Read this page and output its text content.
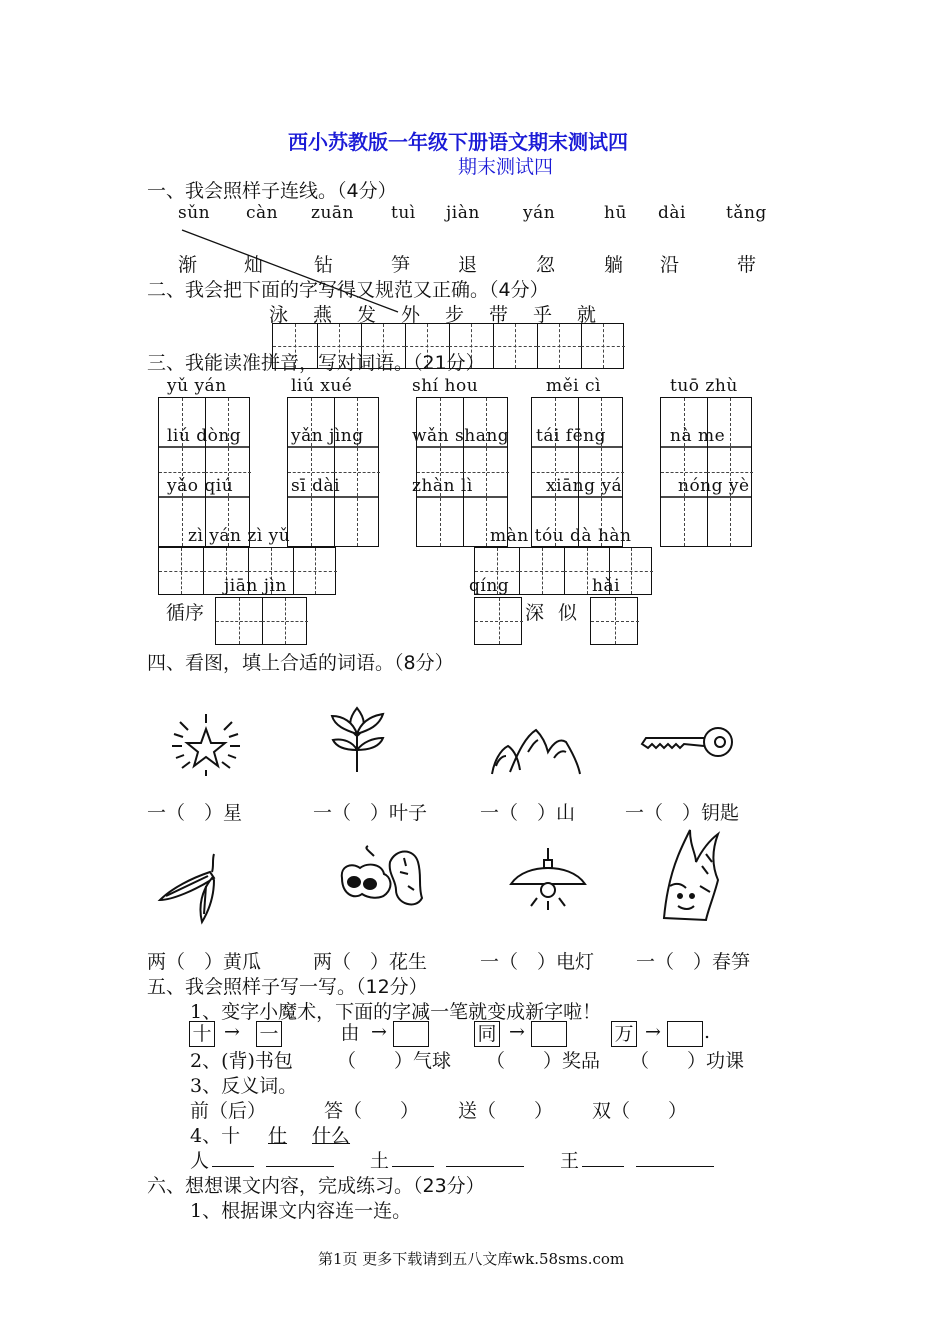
西小苏教版一年级下册语文期末测试四
期末测试四
一、我会照样子连线。（4分）
sǔn càn zuān tuì jiàn	yán	hū dài tǎng
渐 灿	钻	笋	退	忽	躺 沿	带
二、我会把下面的字写得又规范又正确。（4分）
泳 燕 发 外 步 带 乎 就
三、我能读准拼音，写对词语。（21分）
yǔ yán	liú xué	shí hou	měi cì	tuō zhù
liú dòng	yǎn jìng	wǎn shang tái fēng	nà me
yǎo qiú	sī dài	zhàn lì	xiāng yá	nóng yè
zì yán zì yǔ	màn tóu dà hàn
jiān jìn	qíng	hǎi
循序	深 似
四、看图，填上合适的词语。（8分）
一（　）星	一（　）叶子	一（　）山	一（　）钥匙
两（　）黄瓜	两（　）花生	一（　）电灯 一（　）春笋
五、我会照样子写一写。（12分）
1、变字小魔术，下面的字减一笔就变成新字啦！
十 → 一	由 →	同 →	万 → .
2、(背)书包 （　　）气球 （　　）奖品 （　　）功课
3、反义词。
前（后）	答（　　） 送（　　） 双（　　）
4、十 仕 什么
人	土	王
六、想想课文内容，完成练习。（23分）
1、根据课文内容连一连。
第1页 更多下载请到五八文库wk.58sms.com
